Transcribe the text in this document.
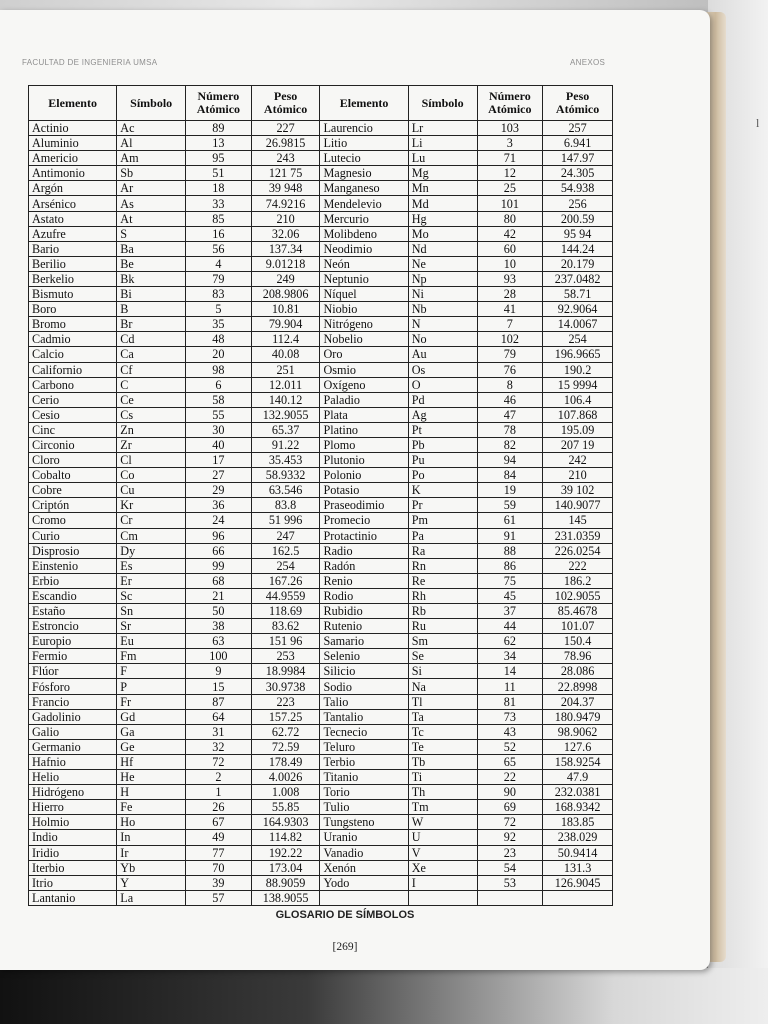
l
FACULTAD DE INGENIERIA UMSA	ANEXOS
Elemento	Símbolo	Número Atómico	Peso Atómico	Elemento	Símbolo	Número Atómico	Peso Atómico
Actinio	Ac	89	227	Laurencio	Lr	103	257
Aluminio	Al	13	26.9815	Litio	Li	3	6.941
Americio	Am	95	243	Lutecio	Lu	71	147.97
Antimonio	Sb	51	121 75	Magnesio	Mg	12	24.305
Argón	Ar	18	39 948	Manganeso	Mn	25	54.938
Arsénico	As	33	74.9216	Mendelevio	Md	101	256
Astato	At	85	210	Mercurio	Hg	80	200.59
Azufre	S	16	32.06	Molibdeno	Mo	42	95 94
Bario	Ba	56	137.34	Neodimio	Nd	60	144.24
Berilio	Be	4	9.01218	Neón	Ne	10	20.179
Berkelio	Bk	79	249	Neptunio	Np	93	237.0482
Bismuto	Bi	83	208.9806	Níquel	Ni	28	58.71
Boro	B	5	10.81	Niobio	Nb	41	92.9064
Bromo	Br	35	79.904	Nitrógeno	N	7	14.0067
Cadmio	Cd	48	112.4	Nobelio	No	102	254
Calcio	Ca	20	40.08	Oro	Au	79	196.9665
Californio	Cf	98	251	Osmio	Os	76	190.2
Carbono	C	6	12.011	Oxígeno	O	8	15 9994
Cerio	Ce	58	140.12	Paladio	Pd	46	106.4
Cesio	Cs	55	132.9055	Plata	Ag	47	107.868
Cinc	Zn	30	65.37	Platino	Pt	78	195.09
Circonio	Zr	40	91.22	Plomo	Pb	82	207 19
Cloro	Cl	17	35.453	Plutonio	Pu	94	242
Cobalto	Co	27	58.9332	Polonio	Po	84	210
Cobre	Cu	29	63.546	Potasio	K	19	39 102
Criptón	Kr	36	83.8	Praseodimio	Pr	59	140.9077
Cromo	Cr	24	51 996	Promecio	Pm	61	145
Curio	Cm	96	247	Protactinio	Pa	91	231.0359
Disprosio	Dy	66	162.5	Radio	Ra	88	226.0254
Einstenio	Es	99	254	Radón	Rn	86	222
Erbio	Er	68	167.26	Renio	Re	75	186.2
Escandio	Sc	21	44.9559	Rodio	Rh	45	102.9055
Estaño	Sn	50	118.69	Rubidio	Rb	37	85.4678
Estroncio	Sr	38	83.62	Rutenio	Ru	44	101.07
Europio	Eu	63	151 96	Samario	Sm	62	150.4
Fermio	Fm	100	253	Selenio	Se	34	78.96
Flúor	F	9	18.9984	Silicio	Si	14	28.086
Fósforo	P	15	30.9738	Sodio	Na	11	22.8998
Francio	Fr	87	223	Talio	Tl	81	204.37
Gadolinio	Gd	64	157.25	Tantalio	Ta	73	180.9479
Galio	Ga	31	62.72	Tecnecio	Tc	43	98.9062
Germanio	Ge	32	72.59	Teluro	Te	52	127.6
Hafnio	Hf	72	178.49	Terbio	Tb	65	158.9254
Helio	He	2	4.0026	Titanio	Ti	22	47.9
Hidrógeno	H	1	1.008	Torio	Th	90	232.0381
Hierro	Fe	26	55.85	Tulio	Tm	69	168.9342
Holmio	Ho	67	164.9303	Tungsteno	W	72	183.85
Indio	In	49	114.82	Uranio	U	92	238.029
Iridio	Ir	77	192.22	Vanadio	V	23	50.9414
Iterbio	Yb	70	173.04	Xenón	Xe	54	131.3
Itrio	Y	39	88.9059	Yodo	I	53	126.9045
Lantanio	La	57	138.9055				
GLOSARIO DE SÍMBOLOS
[269]
